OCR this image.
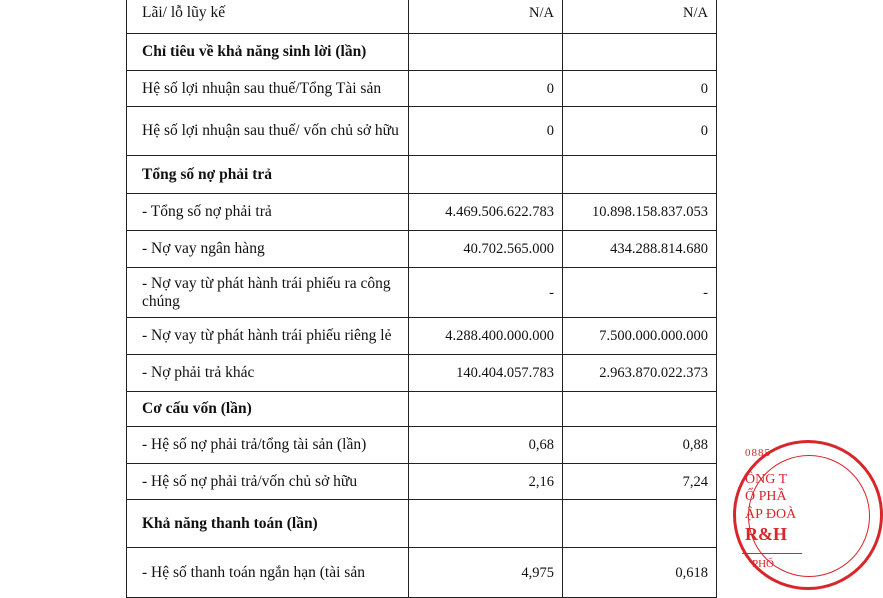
Lãi/ lỗ lũy kế	N/A	N/A
Chỉ tiêu về khả năng sinh lời (lần)		
Hệ số lợi nhuận sau thuế/Tổng Tài sản	0	0
Hệ số lợi nhuận sau thuế/ vốn chủ sở hữu	0	0
Tổng số nợ phải trả		
- Tổng số nợ phải trả	4.469.506.622.783	10.898.158.837.053
- Nợ vay ngân hàng	40.702.565.000	434.288.814.680
- Nợ vay từ phát hành trái phiếu ra công chúng	-	-
- Nợ vay từ phát hành trái phiếu riêng lẻ	4.288.400.000.000	7.500.000.000.000
- Nợ phải trả khác	140.404.057.783	2.963.870.022.373
Cơ cấu vốn (lần)		
- Hệ số nợ phải trả/tổng tài sản (lần)	0,68	0,88
- Hệ số nợ phải trả/vốn chủ sở hữu	2,16	7,24
Khả năng thanh toán (lần)		
- Hệ số thanh toán ngắn hạn (tài sản	4,975	0,618
0885
ÔNG T
Ổ PHẦ
ẬP ĐOÀ
R&H
PHỐ
